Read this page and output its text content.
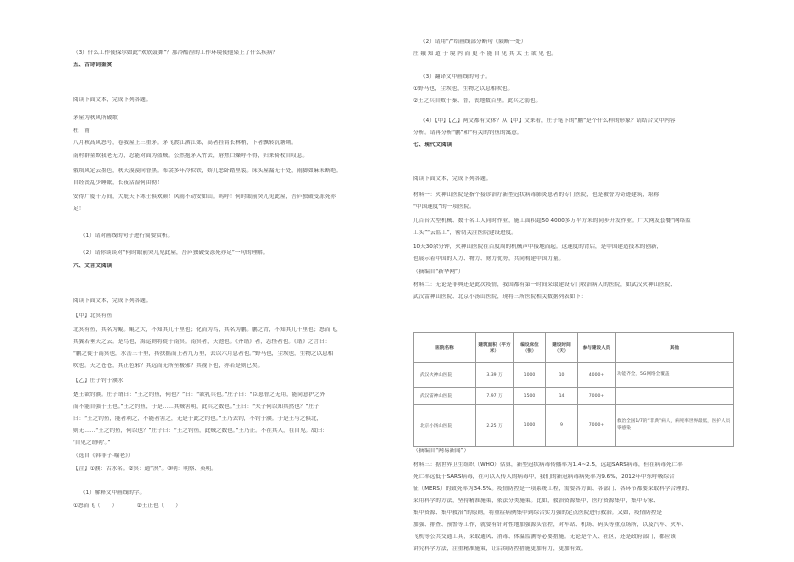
（3）什么工作使保尔如此“欢欣鼓舞”？那冷酷涅的工作环境使他染上了什么疾病？
五、古诗词鉴赏
阅读下面文本，完成下列各题。
茅屋为秋风所破歌
杜　甫
八月秋高风怒号，卷我屋上三重茅。茅飞渡江洒江郊，高者挂罥长林梢，下者飘转沉塘坳。
南村群童欺我老无力，忍能对面为盗贼。公然抱茅入竹去，唇焦口燥呼不得，归来倚杖自叹息。
俄顷风定云墨色，秋天漠漠向昏黑。布衾多年冷似铁，娇儿恶卧踏里裂。床头屋漏无干处，雨脚如麻未断绝。
自经丧乱少睡眠，长夜沾湿何由彻！
安得广厦千万间，大庇天下寒士俱欢颜！风雨不动安如山。呜呼！何时眼前突兀见此屋，吾庐独破受冻死亦
足！
（1）请对画线的句子进行简要赏析。
（2）请你谈谈对“何时眼前突兀见此屋，吾庐独破受冻死亦足”一句的理解。
六、文言文阅读
阅读下面文本，完成下列各题。
【甲】北冥有鱼
北冥有鱼，其名为鲲。鲲之大，不知其几千里也；化而为鸟，其名为鹏。鹏之背，不知其几千里也；怒而飞，
其翼若垂天之云。是鸟也，海运则将徙于南冥。南冥者，天池也。《齐谐》者，志怪者也。《谐》之言曰：
“鹏之徙于南冥也，水击三千里，抟扶摇而上者九万里，去以六月息者也。”野马也，尘埃也，生物之以息相
吹也。天之苍苍，其正色邪？其远而无所至极邪？其视下也，亦若是则已矣。
【乙】庄子钓于濮水
楚王欲钓濮。庄子谓曰：“王之钓鱼，何也？”曰：“欲乳兵也。”庄子曰：“臣患智之无用，能同意护之外
而不能自强于王也。”王之钓鱼，于是……其贼害明，此兵之数也。”王曰：“夫子何以知其然也？”庄子
曰：“王之钓鱼，能者利之，不能者害之，无是于此之钓也。”王乃去钓，不钓于濮。于是王与之俱北，
则无……“王之钓鱼，何以也？”庄子曰：“王之钓鱼，此贼之数也。”王乃止。不在其人，在自见。故曰：
‘自见之谓明’。”
（选自《韩非子·喻老》）
【注】①濮：古水名。②冥：通“溟”。③明：明察、英明。
（1）解释文中画线的字。
①怒而飞（　　）　　　　②王止也（　　）
（2）请用“/”给画线部分断句（限断一处）
庄 娥 知 道 于 境 内 而 更 不 能 自 见 其 太 王 欲 见 也。
（3）翻译文中画线的句子。
①野马也，尘埃也，生物之以息相吹也。
②王之兵自败于秦、晋，丧地数百里。此兵之弱也。
（4）【甲】【乙】两文都有文体？从【甲】文来看，庄子笔下的“鹏”是个什么样的形象？请结合文中内容
分析。请再分析“鹏”和“有关的钓鱼的寓意。
七、现代文阅读
阅读下面文本，完成下列各题。
材料一：火神山医院是指个接诊治疗新型冠状病毒肺炎患者的专门医院，也是被誉为奇迹建筑，堪称
“中国速度”的一项医院。
几百台大型机械、数千名工人同时作业，施工面积超50 4000多万平方米的同步开发作业。广大网友套餐“网络监
工头”“云监工”，密切关注医院建设进度。
10天30余分钟，火神山医院在百度周的机械声中接地而起。这速度的背后，是中国建造技术的创新，
也展示着中国的人力、物力、财力优势，共同构建中国力量。
（摘编自“新华网”）
材料二：无论是非典还是此次疫情，我国都有第一时间采取建设专门收治病人的医院，如武汉火神山医院、
武汉雷神山医院、北京小汤山医院，现将三所医院相关数据列表如下：
医院名称	建筑面积（平方米）	编设床位（张）	建设时间（天）	参与建设人员	其他
武汉火神山医院	3.39 万	1000	10	4000+	功能齐全，5G网络全覆盖
武汉雷神山医院	7.97 万	1500	14	7000+	
北京小汤山医院	2.25 万	1000	9	7000+	救治全国1/7的“非典”病人，病死率世界最低，医护人员零感染
（摘编自“网易新闻”）
材料三：据世界卫生组织（WHO）估算，新型冠状病毒传播率为1.4~2.5，远超SARS病毒，但在病毒死亡率
死亡率远低于SARS病毒，在可以人传人的病毒中，我们的新冠病毒病死率为9.6%，2012年中东呼吸综合
征（MERS）的致死率为34.5%。疫情防控是一项系统工程，需要各方面、各部门、各环节都要采取科学合理的、
采用科学的方法，坚持精准施策，依法分类施策。比如，救治资源集中，医疗资源集中，集中专家、
集中资源、集中救治”的原则，将重症病例集中到综合实力强的定点医院进行救治。又如，疫情防控是
加强、排查、预警等工作，就要有针对性地加强源头管控，对车站、机场、码头等重点场所，以及汽车、火车、
飞机等公共交通工具，采取通风、消毒、体温监测等必要措施。无论是个人、社区，还是政府部门，都应该
讲究科学方法，注重精准施策，让后续防控措施更加有力，更加有效。
